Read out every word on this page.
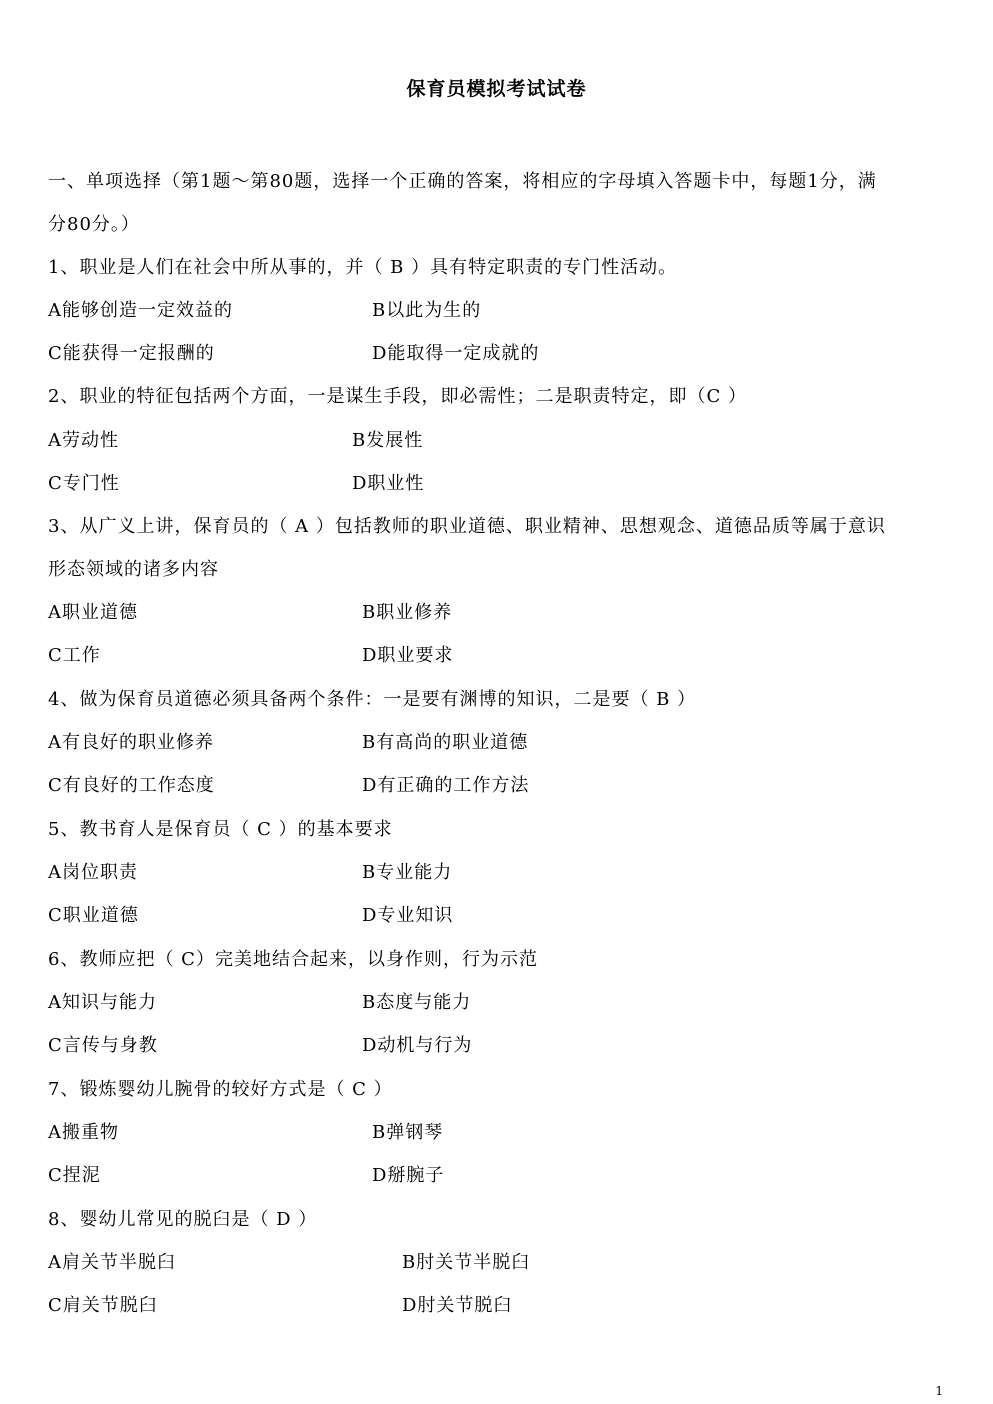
保育员模拟考试试卷
一、单项选择（第1题～第80题，选择一个正确的答案，将相应的字母填入答题卡中，每题1分，满
分80分。）
1、职业是人们在社会中所从事的，并（ B ）具有特定职责的专门性活动。
A能够创造一定效益的	B以此为生的
C能获得一定报酬的	D能取得一定成就的
2、职业的特征包括两个方面，一是谋生手段，即必需性；二是职责特定，即（C ）
A劳动性	B发展性
C专门性	D职业性
3、从广义上讲，保育员的（ A ）包括教师的职业道德、职业精神、思想观念、道德品质等属于意识
形态领域的诸多内容
A职业道德	B职业修养
C工作	D职业要求
4、做为保育员道德必须具备两个条件：一是要有渊博的知识，二是要（ B ）
A有良好的职业修养	B有高尚的职业道德
C有良好的工作态度	D有正确的工作方法
5、教书育人是保育员（ C ）的基本要求
A岗位职责	B专业能力
C职业道德	D专业知识
6、教师应把（ C）完美地结合起来，以身作则，行为示范
A知识与能力	B态度与能力
C言传与身教	D动机与行为
7、锻炼婴幼儿腕骨的较好方式是（ C ）
A搬重物	B弹钢琴
C捏泥	D掰腕子
8、婴幼儿常见的脱臼是（ D ）
A肩关节半脱臼	B肘关节半脱臼
C肩关节脱臼	D肘关节脱臼
1
